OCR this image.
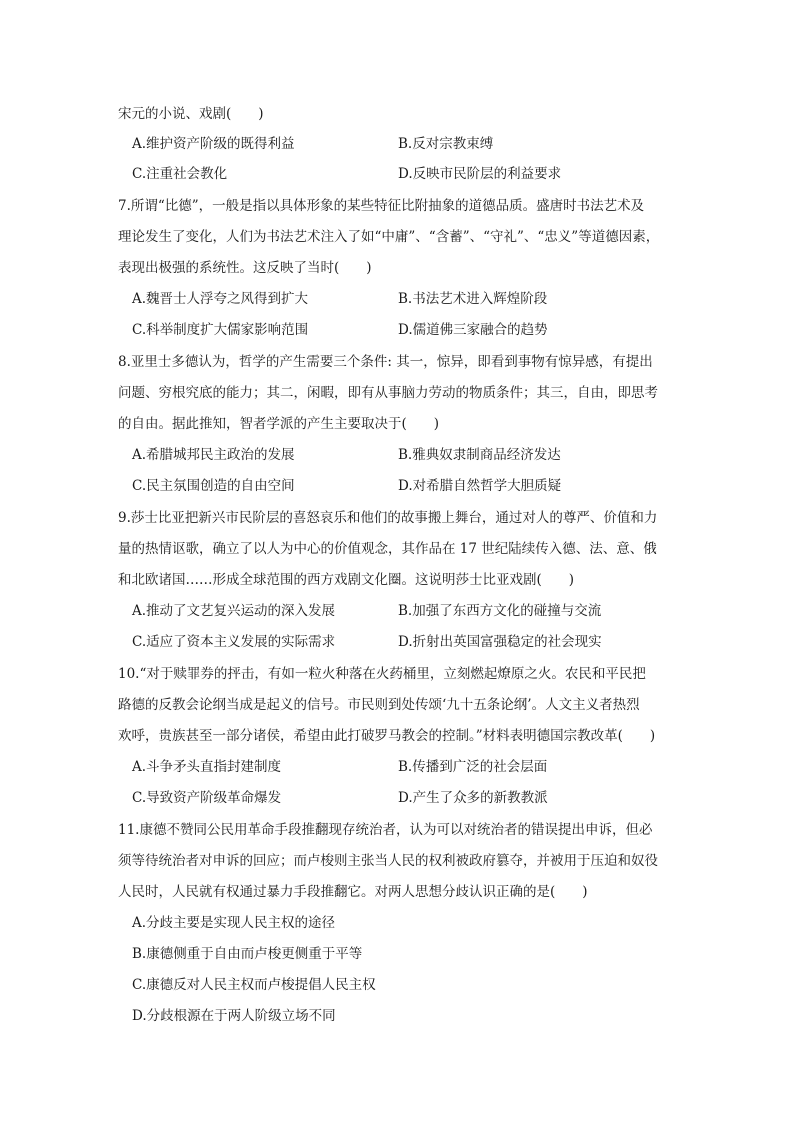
宋元的小说、戏剧(　　)
A.维护资产阶级的既得利益	B.反对宗教束缚
C.注重社会教化	D.反映市民阶层的利益要求
7.所谓“比德”，一般是指以具体形象的某些特征比附抽象的道德品质。盛唐时书法艺术及
理论发生了变化，人们为书法艺术注入了如“中庸”、“含蓄”、“守礼”、“忠义”等道德因素，
表现出极强的系统性。这反映了当时(　　)
A.魏晋士人浮夸之风得到扩大	B.书法艺术进入辉煌阶段
C.科举制度扩大儒家影响范围	D.儒道佛三家融合的趋势
8.亚里士多德认为，哲学的产生需要三个条件: 其一，惊异，即看到事物有惊异感，有提出
问题、穷根究底的能力；其二，闲暇，即有从事脑力劳动的物质条件；其三，自由，即思考
的自由。据此推知，智者学派的产生主要取决于(　　)
A.希腊城邦民主政治的发展	B.雅典奴隶制商品经济发达
C.民主氛围创造的自由空间	D.对希腊自然哲学大胆质疑
9.莎士比亚把新兴市民阶层的喜怒哀乐和他们的故事搬上舞台，通过对人的尊严、价值和力
量的热情讴歌，确立了以人为中心的价值观念，其作品在 17 世纪陆续传入德、法、意、俄
和北欧诸国……形成全球范围的西方戏剧文化圈。这说明莎士比亚戏剧(　　)
A.推动了文艺复兴运动的深入发展	B.加强了东西方文化的碰撞与交流
C.适应了资本主义发展的实际需求	D.折射出英国富强稳定的社会现实
10.“对于赎罪券的抨击，有如一粒火种落在火药桶里，立刻燃起燎原之火。农民和平民把
路德的反教会论纲当成是起义的信号。市民则到处传颂‘九十五条论纲’。人文主义者热烈
欢呼，贵族甚至一部分诸侯，希望由此打破罗马教会的控制。”材料表明德国宗教改革(　　)
A.斗争矛头直指封建制度	B.传播到广泛的社会层面
C.导致资产阶级革命爆发	D.产生了众多的新教教派
11.康德不赞同公民用革命手段推翻现存统治者，认为可以对统治者的错误提出申诉，但必
须等待统治者对申诉的回应；而卢梭则主张当人民的权利被政府篡夺，并被用于压迫和奴役
人民时，人民就有权通过暴力手段推翻它。对两人思想分歧认识正确的是(　　)
A.分歧主要是实现人民主权的途径
B.康德侧重于自由而卢梭更侧重于平等
C.康德反对人民主权而卢梭提倡人民主权
D.分歧根源在于两人阶级立场不同
